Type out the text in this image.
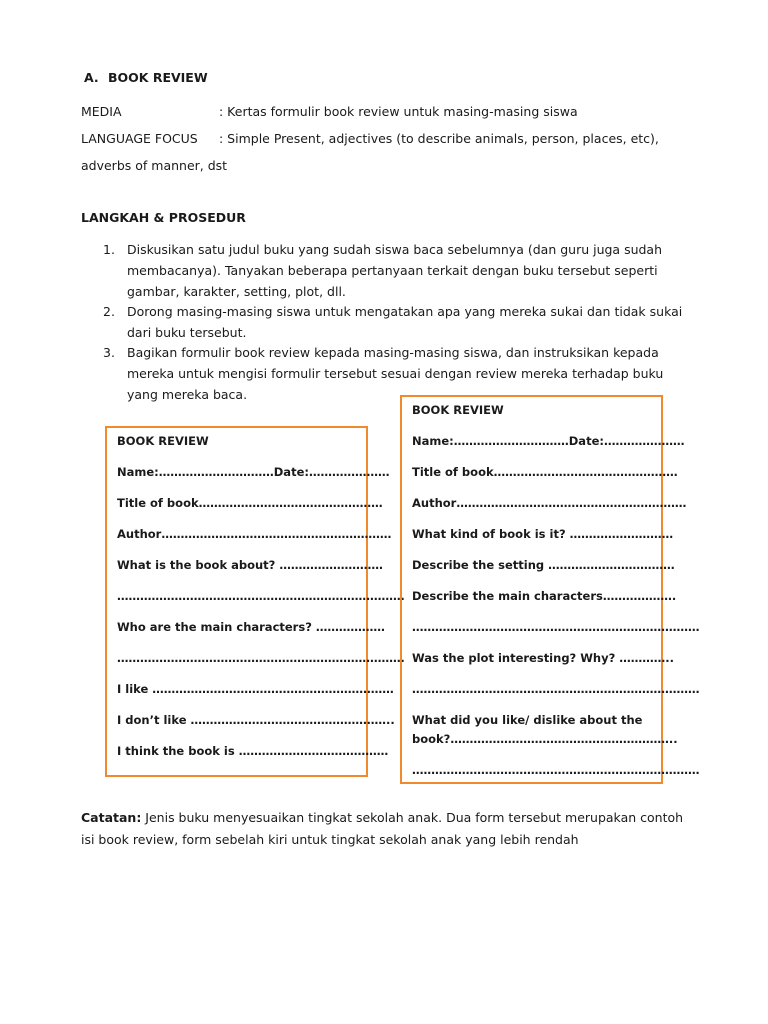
A. BOOK REVIEW
MEDIA	: Kertas formulir book review untuk masing-masing siswa
LANGUAGE FOCUS : Simple Present, adjectives (to describe animals, person, places, etc),
adverbs of manner, dst
LANGKAH & PROSEDUR
1. Diskusikan satu judul buku yang sudah siswa baca sebelumnya (dan guru juga sudah
membacanya). Tanyakan beberapa pertanyaan terkait dengan buku tersebut seperti
gambar, karakter, setting, plot, dll.
2. Dorong masing-masing siswa untuk mengatakan apa yang mereka sukai dan tidak sukai
dari buku tersebut.
3. Bagikan formulir book review kepada masing-masing siswa, dan instruksikan kepada
mereka untuk mengisi formulir tersebut sesuai dengan review mereka terhadap buku
yang mereka baca.
BOOK REVIEW
Name:…………………………Date:…………………
Title of book…………………………………………
Author……………………………………………………
What is the book about? ………………………
…………………………………………………………………
Who are the main characters? ………………
…………………………………………………………………
I like ………………………………………………………
I don’t like ……………………………………………..
I think the book is …………………………………
BOOK REVIEW
Name:…………………………Date:…………………
Title of book…………………………………………
Author……………………………………………………
What kind of book is it? ………………………
Describe the setting ……………………………
Describe the main characters……………….
…………………………………………………………………
Was the plot interesting? Why? …………..
…………………………………………………………………
What did you like/ dislike about the
book?…………………………………………………..
…………………………………………………………………
Catatan: Jenis buku menyesuaikan tingkat sekolah anak. Dua form tersebut merupakan contoh
isi book review, form sebelah kiri untuk tingkat sekolah anak yang lebih rendah
